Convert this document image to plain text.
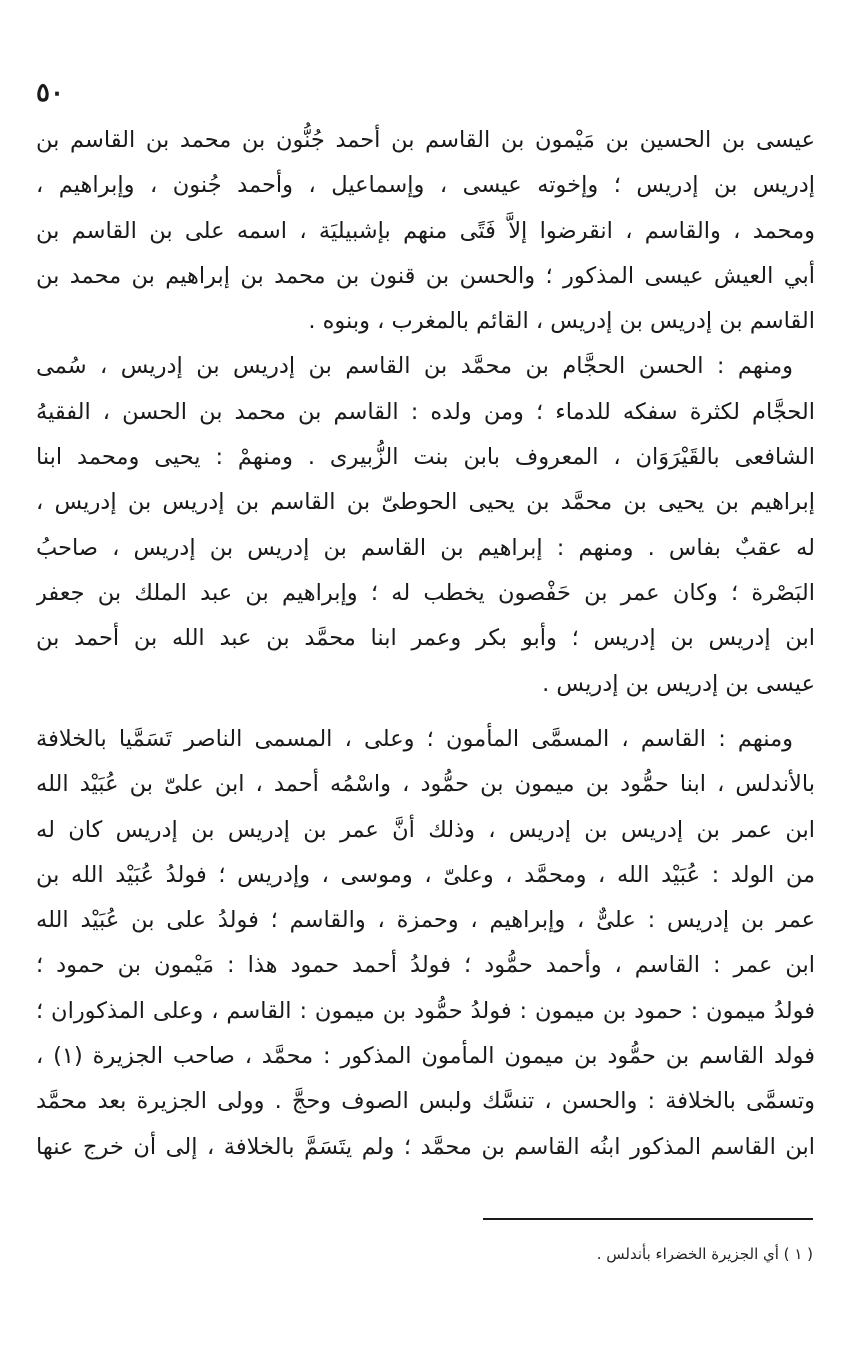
٥٠
عيسى بن الحسين بن مَيْمون بن القاسم بن أحمد جُنُّون بن محمد بن القاسم بن
إدريس بن إدريس ؛ وإخوته عيسى ، وإسماعيل ، وأحمد جُنون ، وإبراهيم ،
ومحمد ، والقاسم ، انقرضوا إلاَّ فَتًى منهم بإشبيليَة ، اسمه على بن القاسم بن
أبي العيش عيسى المذكور ؛ والحسن بن قنون بن محمد بن إبراهيم بن محمد بن
القاسم بن إدريس بن إدريس ، القائم بالمغرب ، وبنوه .
ومنهم : الحسن الحجَّام بن محمَّد بن القاسم بن إدريس بن إدريس ، سُمى
الحجَّام لكثرة سفكه للدماء ؛ ومن ولده : القاسم بن محمد بن الحسن ، الفقيهُ
الشافعى بالقَيْرَوَان ، المعروف بابن بنت الزُّبيرى . ومنهمْ : يحيى ومحمد ابنا
إبراهيم بن يحيى بن محمَّد بن يحيى الحوطىّ بن القاسم بن إدريس بن إدريس ،
له عقبٌ بفاس . ومنهم : إبراهيم بن القاسم بن إدريس بن إدريس ، صاحبُ
البَصْرة ؛ وكان عمر بن حَفْصون يخطب له ؛ وإبراهيم بن عبد الملك بن جعفر
ابن إدريس بن إدريس ؛ وأبو بكر وعمر ابنا محمَّد بن عبد الله بن أحمد بن
عيسى بن إدريس بن إدريس .
ومنهم : القاسم ، المسمَّى المأمون ؛ وعلى ، المسمى الناصر تَسَمَّيا بالخلافة
بالأندلس ، ابنا حمُّود بن ميمون بن حمُّود ، واسْمُه أحمد ، ابن علىّ بن عُبَيْد الله
ابن عمر بن إدريس بن إدريس ، وذلك أنَّ عمر بن إدريس بن إدريس كان له
من الولد : عُبَيْد الله ، ومحمَّد ، وعلىّ ، وموسى ، وإدريس ؛ فولدُ عُبَيْد الله بن
عمر بن إدريس : علىٌّ ، وإبراهيم ، وحمزة ، والقاسم ؛ فولدُ على بن عُبَيْد الله
ابن عمر : القاسم ، وأحمد حمُّود ؛ فولدُ أحمد حمود هذا : مَيْمون بن حمود ؛
فولدُ ميمون : حمود بن ميمون : فولدُ حمُّود بن ميمون : القاسم ، وعلى المذكوران ؛
فولد القاسم بن حمُّود بن ميمون المأمون المذكور : محمَّد ، صاحب الجزيرة (١) ،
وتسمَّى بالخلافة : والحسن ، تنسَّك ولبس الصوف وحجَّ . وولى الجزيرة بعد محمَّد
ابن القاسم المذكور ابنُه القاسم بن محمَّد ؛ ولم يتَسَمَّ بالخلافة ، إلى أن خرج عنها
( ١ ) أي الجزيرة الخضراء بأندلس .
